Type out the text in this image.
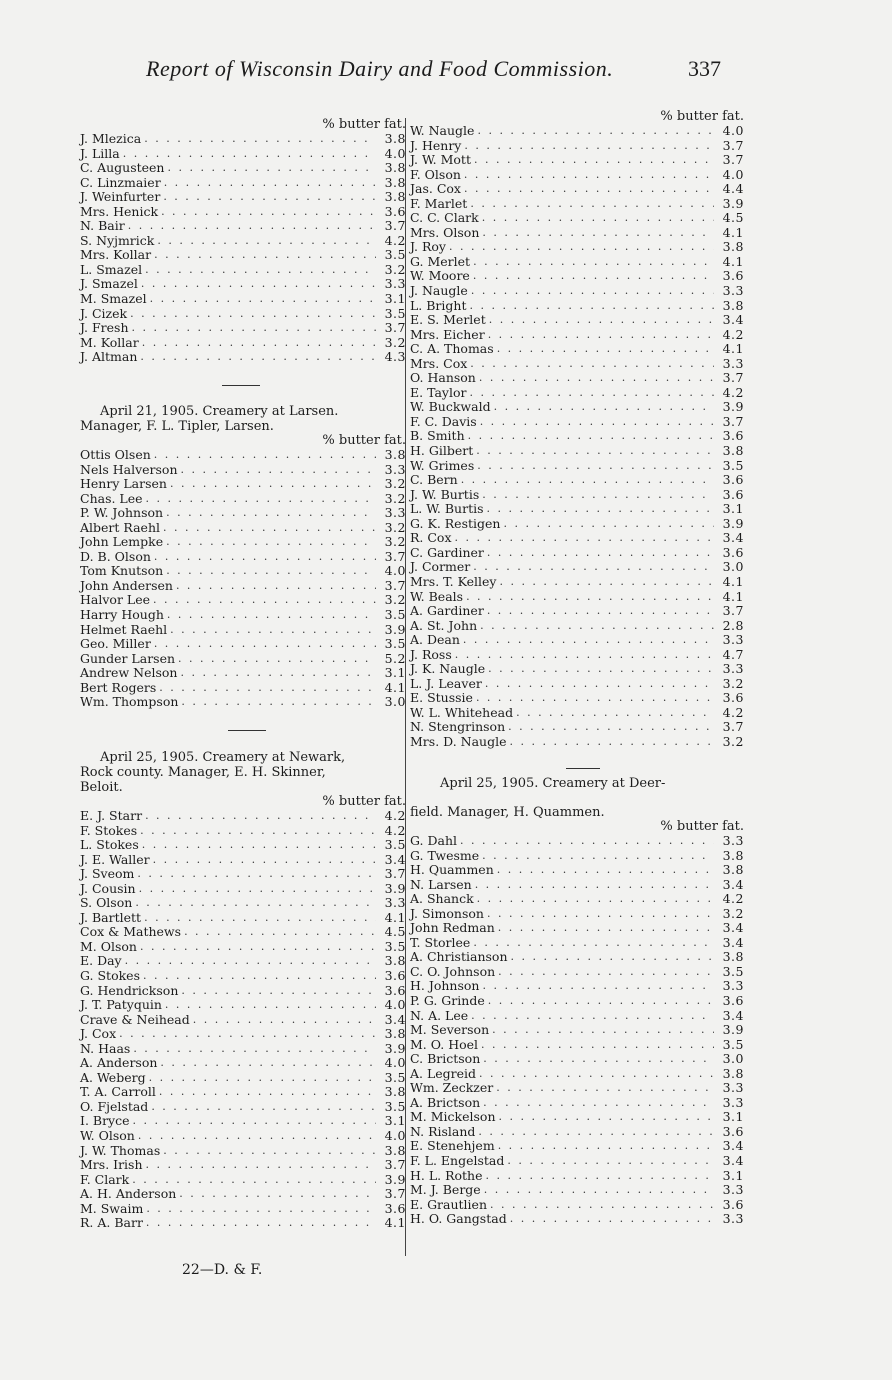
Report of Wisconsin Dairy and Food Commission.	337
% butter fat.
J. Mlezica . . .	3.8
J. Lilla . . .	4.0
C. Augusteen . . .	3.8
C. Linzmaier . . .	3.8
J. Weinfurter . . .	3.8
Mrs. Henick . . .	3.6
N. Bair . . .	3.7
S. Nyjmrick . . .	4.2
Mrs. Kollar . . .	3.5
L. Smazel . . .	3.2
J. Smazel . . .	3.3
M. Smazel . . .	3.1
J. Cizek . . .	3.5
J. Fresh . . .	3.7
M. Kollar . . .	3.2
J. Altman . . .	4.3
April 21, 1905. Creamery at Larsen.
Manager, F. L. Tipler, Larsen.
% butter fat.
Ottis Olsen . . .	3.8
Nels Halverson . . .	3.3
Henry Larsen . . .	3.2
Chas. Lee . . .	3.2
P. W. Johnson . . .	3.3
Albert Raehl . . .	3.2
John Lempke . . .	3.2
D. B. Olson . . .	3.7
Tom Knutson . . .	4.0
John Andersen . . .	3.7
Halvor Lee . . .	3.2
Harry Hough . . .	3.5
Helmet Raehl . . .	3.9
Geo. Miller . . .	3.5
Gunder Larsen . . .	5.2
Andrew Nelson . . .	3.1
Bert Rogers . . .	4.1
Wm. Thompson . . .	3.0
April 25, 1905. Creamery at Newark,
Rock county. Manager, E. H. Skinner,
Beloit.
% butter fat.
E. J. Starr . . .	4.2
F. Stokes . . .	4.2
L. Stokes . . .	3.5
J. E. Waller . . .	3.4
J. Sveom . . .	3.7
J. Cousin . . .	3.9
S. Olson . . .	3.3
J. Bartlett . . .	4.1
Cox & Mathews . . .	4.5
M. Olson . . .	3.5
E. Day . . .	3.8
G. Stokes . . .	3.6
G. Hendrickson . . .	3.6
J. T. Patyquin . . .	4.0
Crave & Neihead . . .	3.4
J. Cox . . .	3.8
N. Haas . . .	3.9
A. Anderson . . .	4.0
A. Weberg . . .	3.5
T. A. Carroll . . .	3.8
O. Fjelstad . . .	3.5
I. Bryce . . .	3.1
W. Olson . . .	4.0
J. W. Thomas . . .	3.8
Mrs. Irish . . .	3.7
F. Clark . . .	3.9
A. H. Anderson . . .	3.7
M. Swaim . . .	3.6
R. A. Barr . . .	4.1
% butter fat.
W. Naugle . . .	4.0
J. Henry . . .	3.7
J. W. Mott . . .	3.7
F. Olson . . .	4.0
Jas. Cox . . .	4.4
F. Marlet . . .	3.9
C. C. Clark . . .	4.5
Mrs. Olson . . .	4.1
J. Roy . . .	3.8
G. Merlet . . .	4.1
W. Moore . . .	3.6
J. Naugle . . .	3.3
L. Bright . . .	3.8
E. S. Merlet . . .	3.4
Mrs. Eicher . . .	4.2
C. A. Thomas . . .	4.1
Mrs. Cox . . .	3.3
O. Hanson . . .	3.7
E. Taylor . . .	4.2
W. Buckwald . . .	3.9
F. C. Davis . . .	3.7
B. Smith . . .	3.6
H. Gilbert . . .	3.8
W. Grimes . . .	3.5
C. Bern . . .	3.6
J. W. Burtis . . .	3.6
L. W. Burtis . . .	3.1
G. K. Restigen . . .	3.9
R. Cox . . .	3.4
C. Gardiner . . .	3.6
J. Cormer . . .	3.0
Mrs. T. Kelley . . .	4.1
W. Beals . . .	4.1
A. Gardiner . . .	3.7
A. St. John . . .	2.8
A. Dean . . .	3.3
J. Ross . . .	4.7
J. K. Naugle . . .	3.3
L. J. Leaver . . .	3.2
E. Stussie . . .	3.6
W. L. Whitehead . . .	4.2
N. Stengrinson . . .	3.7
Mrs. D. Naugle . . .	3.2
April 25, 1905. Creamery at Deer-
field. Manager, H. Quammen.
% butter fat.
G. Dahl . . .	3.3
G. Twesme . . .	3.8
H. Quammen . . .	3.8
N. Larsen . . .	3.4
A. Shanck . . .	4.2
J. Simonson . . .	3.2
John Redman . . .	3.4
T. Storlee . . .	3.4
A. Christianson . . .	3.8
C. O. Johnson . . .	3.5
H. Johnson . . .	3.3
P. G. Grinde . . .	3.6
N. A. Lee . . .	3.4
M. Severson . . .	3.9
M. O. Hoel . . .	3.5
C. Brictson . . .	3.0
A. Legreid . . .	3.8
Wm. Zeckzer . . .	3.3
A. Brictson . . .	3.3
M. Mickelson . . .	3.1
N. Risland . . .	3.6
E. Stenehjem . . .	3.4
F. L. Engelstad . . .	3.4
H. L. Rothe . . .	3.1
M. J. Berge . . .	3.3
E. Grautlien . . .	3.6
H. O. Gangstad . . .	3.3
22—D. & F.
